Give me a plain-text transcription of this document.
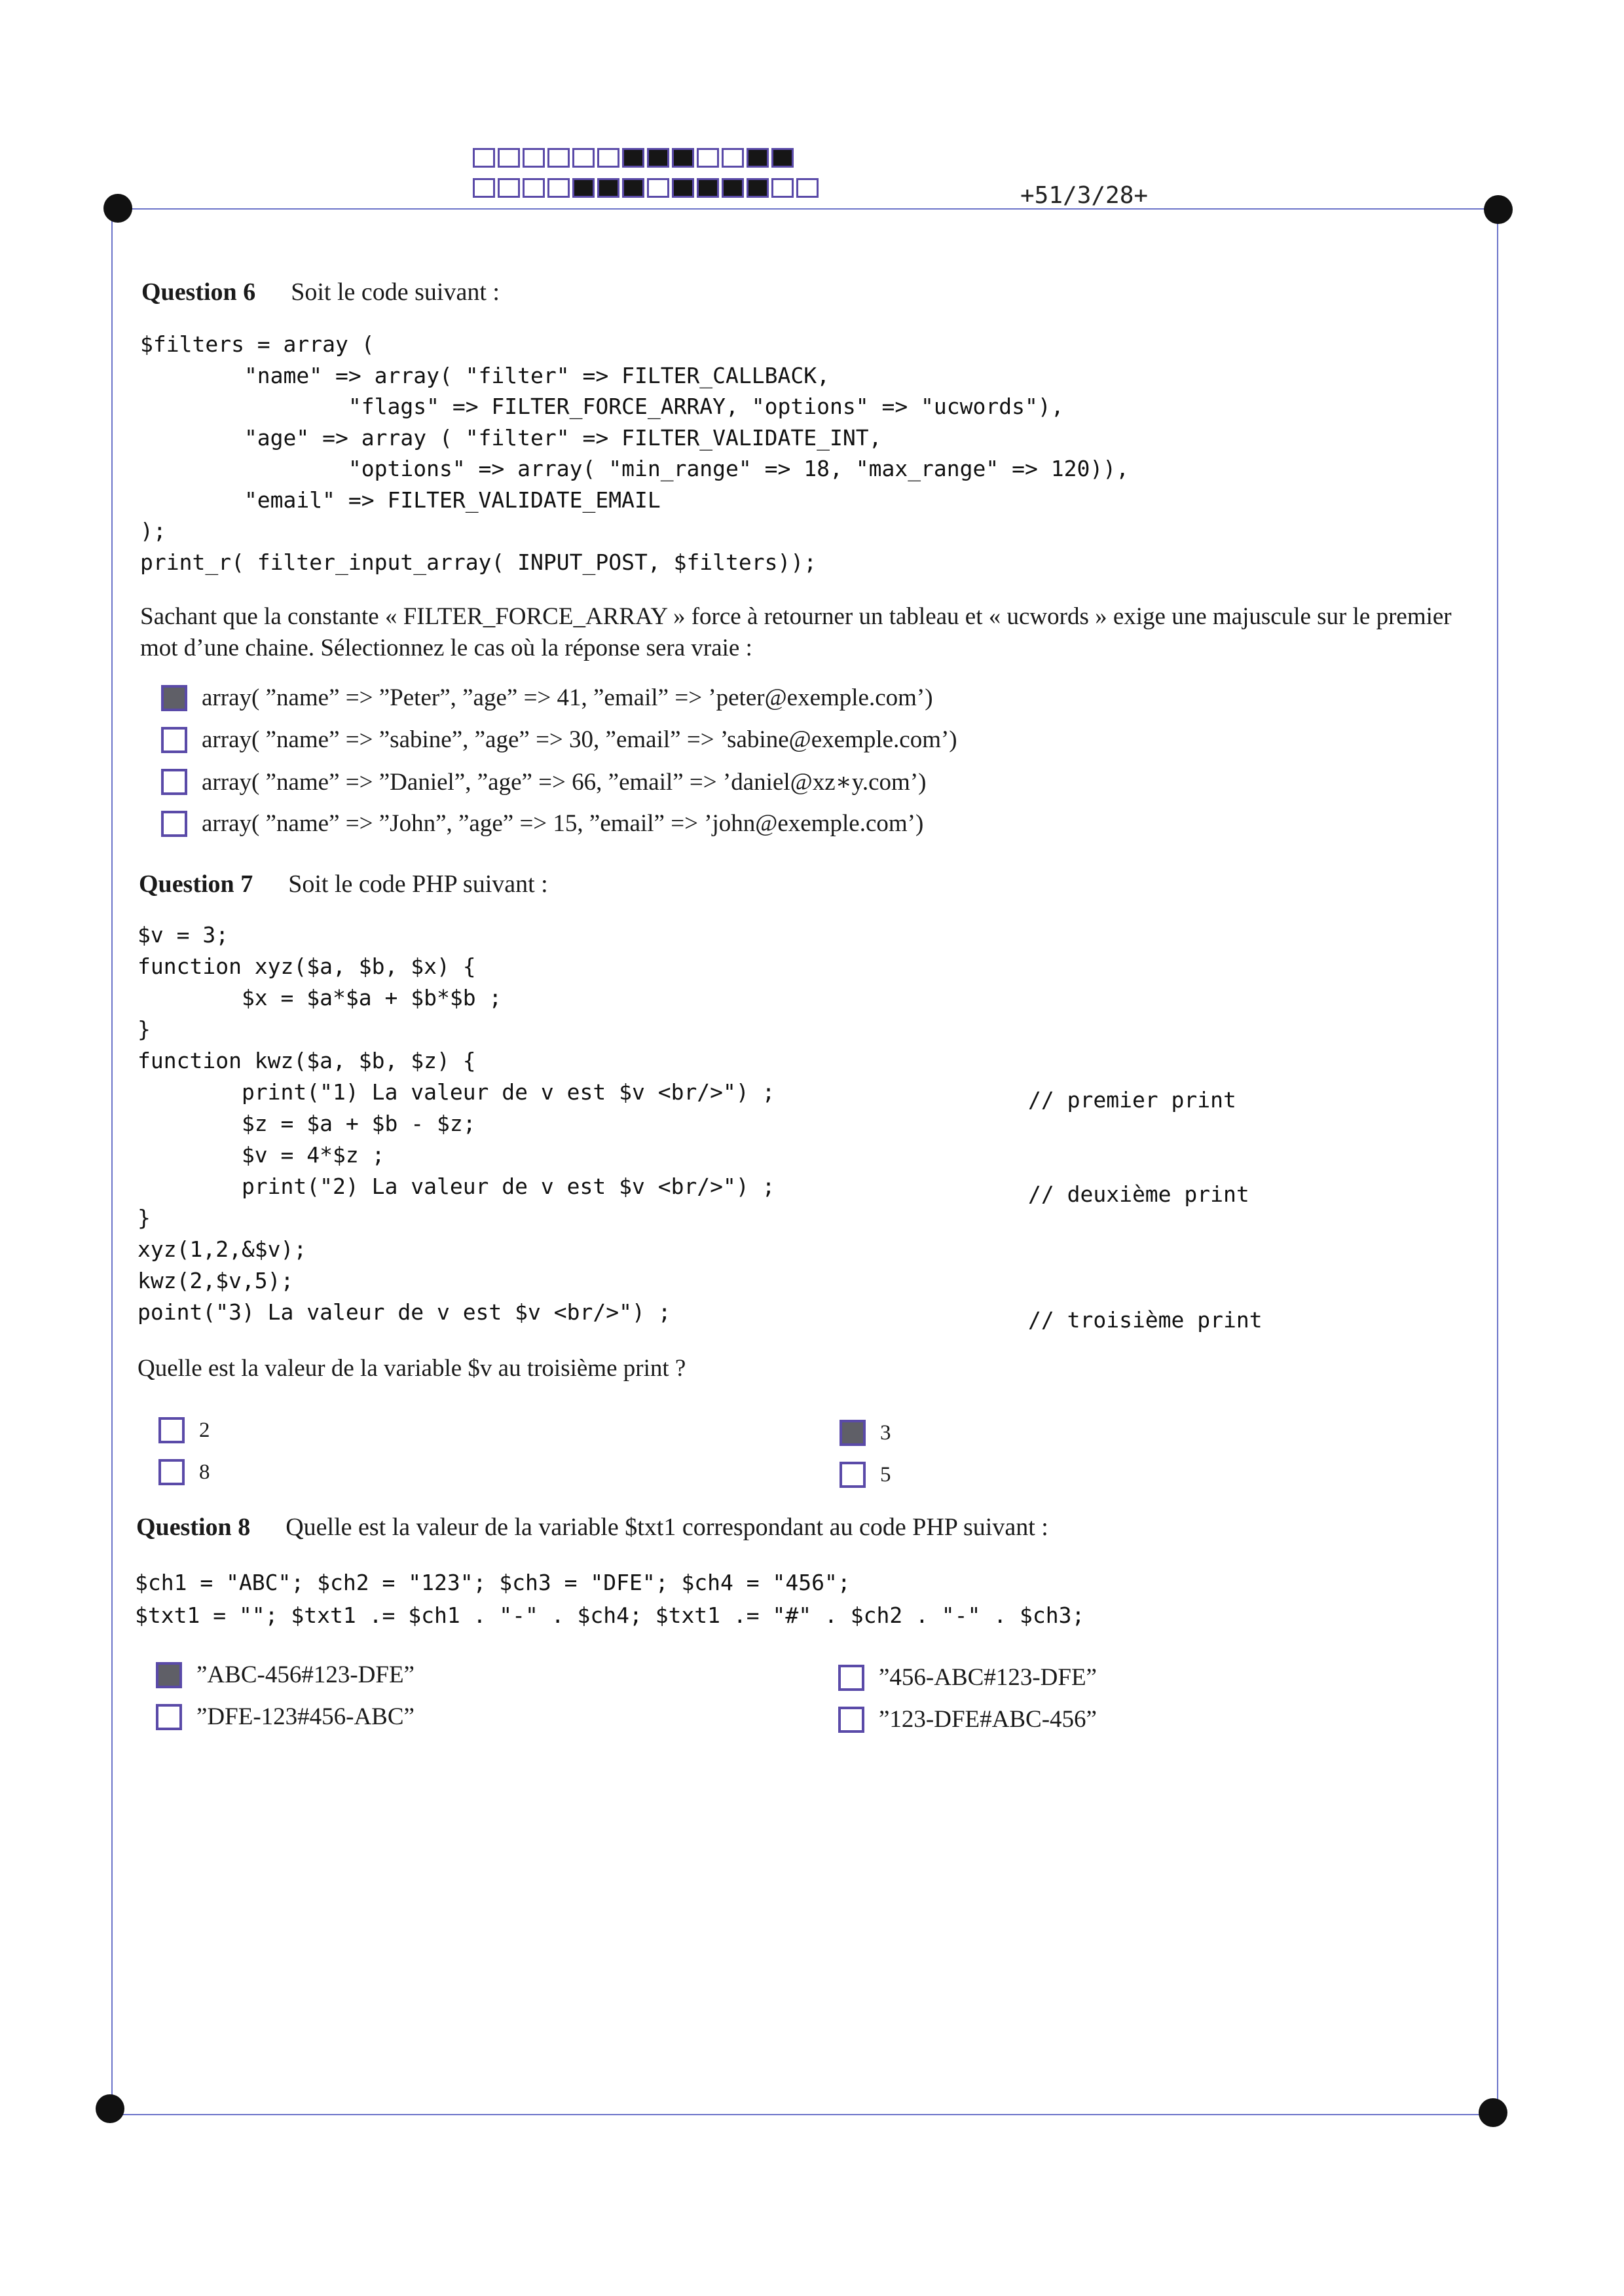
+51/3/28+
Question 6 Soit le code suivant :
$filters = array (
"name" => array( "filter" => FILTER_CALLBACK,
"flags" => FILTER_FORCE_ARRAY, "options" => "ucwords"),
"age" => array ( "filter" => FILTER_VALIDATE_INT,
"options" => array( "min_range" => 18, "max_range" => 120)),
"email" => FILTER_VALIDATE_EMAIL
);
print_r( filter_input_array( INPUT_POST, $filters));
Sachant que la constante « FILTER_FORCE_ARRAY » force à retourner un tableau et « ucwords » exige une majuscule sur le premier mot d’une chaine. Sélectionnez le cas où la réponse sera vraie :
array( ”name” => ”Peter”, ”age” => 41, ”email” => ’peter@exemple.com’)
array( ”name” => ”sabine”, ”age” => 30, ”email” => ’sabine@exemple.com’)
array( ”name” => ”Daniel”, ”age” => 66, ”email” => ’daniel@xz∗y.com’)
array( ”name” => ”John”, ”age” => 15, ”email” => ’john@exemple.com’)
Question 7 Soit le code PHP suivant :
$v = 3;
function xyz($a, $b, $x) {
$x = $a*$a + $b*$b ;
}
function kwz($a, $b, $z) {
print("1) La valeur de v est $v <br/>") ;
$z = $a + $b - $z;
$v = 4*$z ;
print("2) La valeur de v est $v <br/>") ;
}
xyz(1,2,&$v);
kwz(2,$v,5);
point("3) La valeur de v est $v <br/>") ;
// premier print
// deuxième print
// troisième print
Quelle est la valeur de la variable $v au troisième print ?
2	3
8	5
Question 8 Quelle est la valeur de la variable $txt1 correspondant au code PHP suivant :
$ch1 = "ABC"; $ch2 = "123"; $ch3 = "DFE"; $ch4 = "456";
$txt1 = ""; $txt1 .= $ch1 . "-" . $ch4; $txt1 .= "#" . $ch2 . "-" . $ch3;
”ABC-456#123-DFE”	”456-ABC#123-DFE”
”DFE-123#456-ABC”	”123-DFE#ABC-456”
